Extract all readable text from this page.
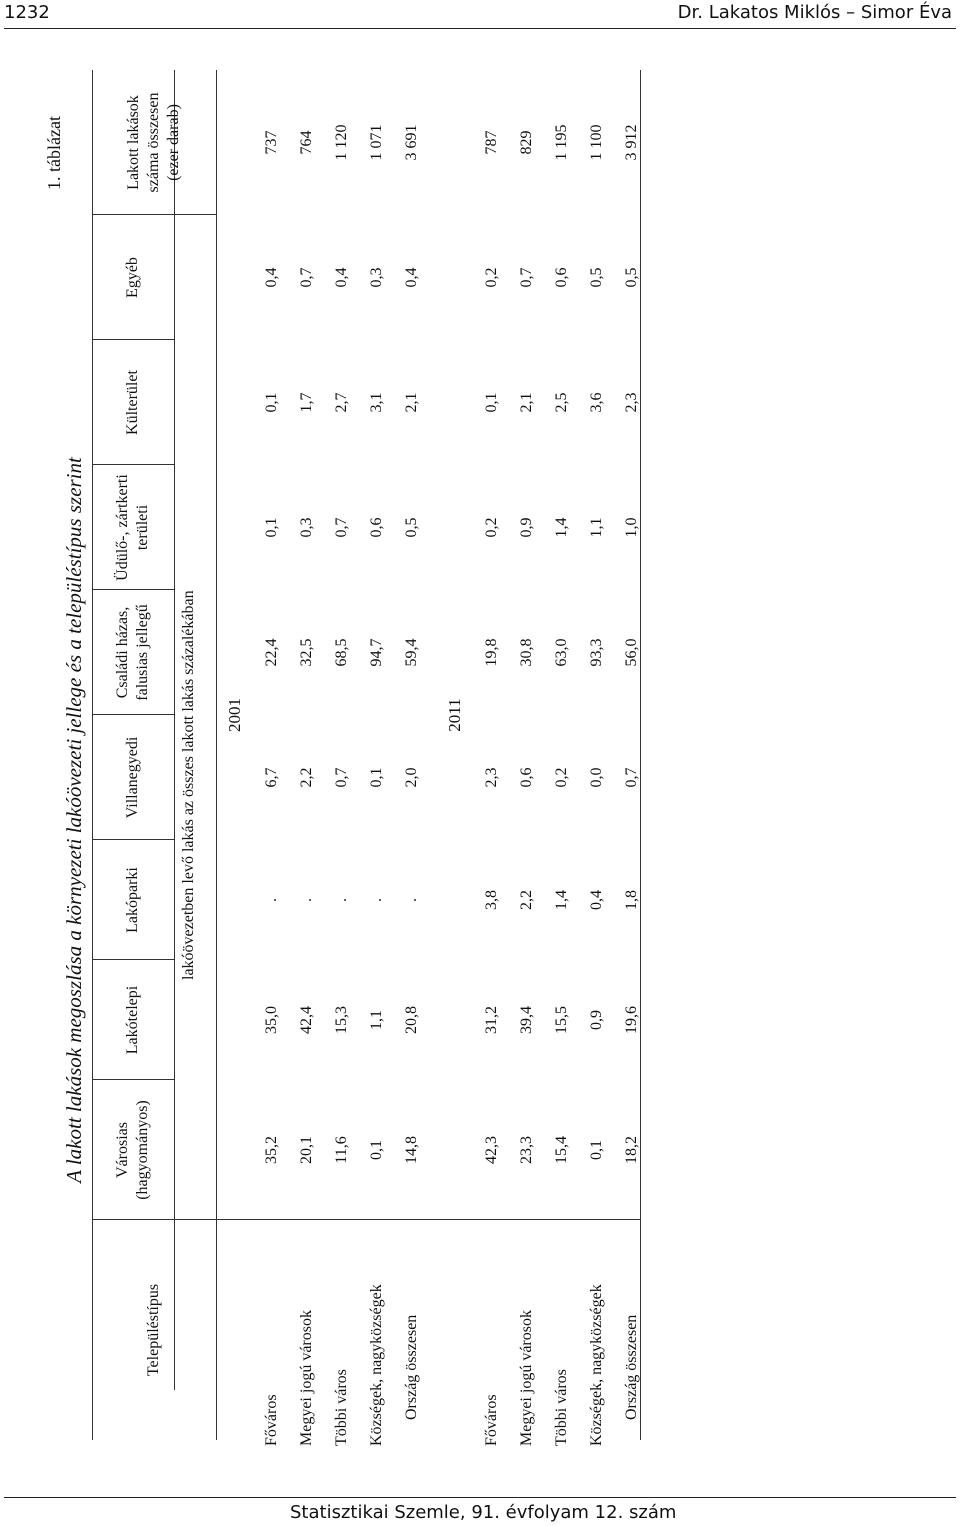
1232	Dr. Lakatos Miklós – Simor Éva
1. táblázat
A lakott lakások megoszlása a környezeti lakóövezeti jellege és a településtípus szerint
Településtípus
Városias (hagyományos)
Lakótelepi
Lakóparki
Villanegyedi
Családi házas, falusias jellegű
Üdülő-, zártkerti területi
Külterület
Egyéb
Lakott lakások száma összesen (ezer darab)
lakóövezetben levő lakás az összes lakott lakás százalékában 2001
Főváros
35,2
35,0
.
6,7
22,4
0,1
0,1
0,4
737
Megyei jogú városok
20,1
42,4
.
2,2
32,5
0,3
1,7
0,7
764
Többi város
11,6
15,3
.
0,7
68,5
0,7
2,7
0,4
1 120
Községek, nagyközségek
0,1
1,1
.
0,1
94,7
0,6
3,1
0,3
1 071
Ország összesen
14,8
20,8
.
2,0
59,4
0,5
2,1
0,4
3 691
2011
Főváros
42,3
31,2
3,8
2,3
19,8
0,2
0,1
0,2
787
Megyei jogú városok
23,3
39,4
2,2
0,6
30,8
0,9
2,1
0,7
829
Többi város
15,4
15,5
1,4
0,2
63,0
1,4
2,5
0,6
1 195
Községek, nagyközségek
0,1
0,9
0,4
0,0
93,3
1,1
3,6
0,5
1 100
Ország összesen
18,2
19,6
1,8
0,7
56,0
1,0
2,3
0,5
3 912
Statisztikai Szemle, 91. évfolyam 12. szám
